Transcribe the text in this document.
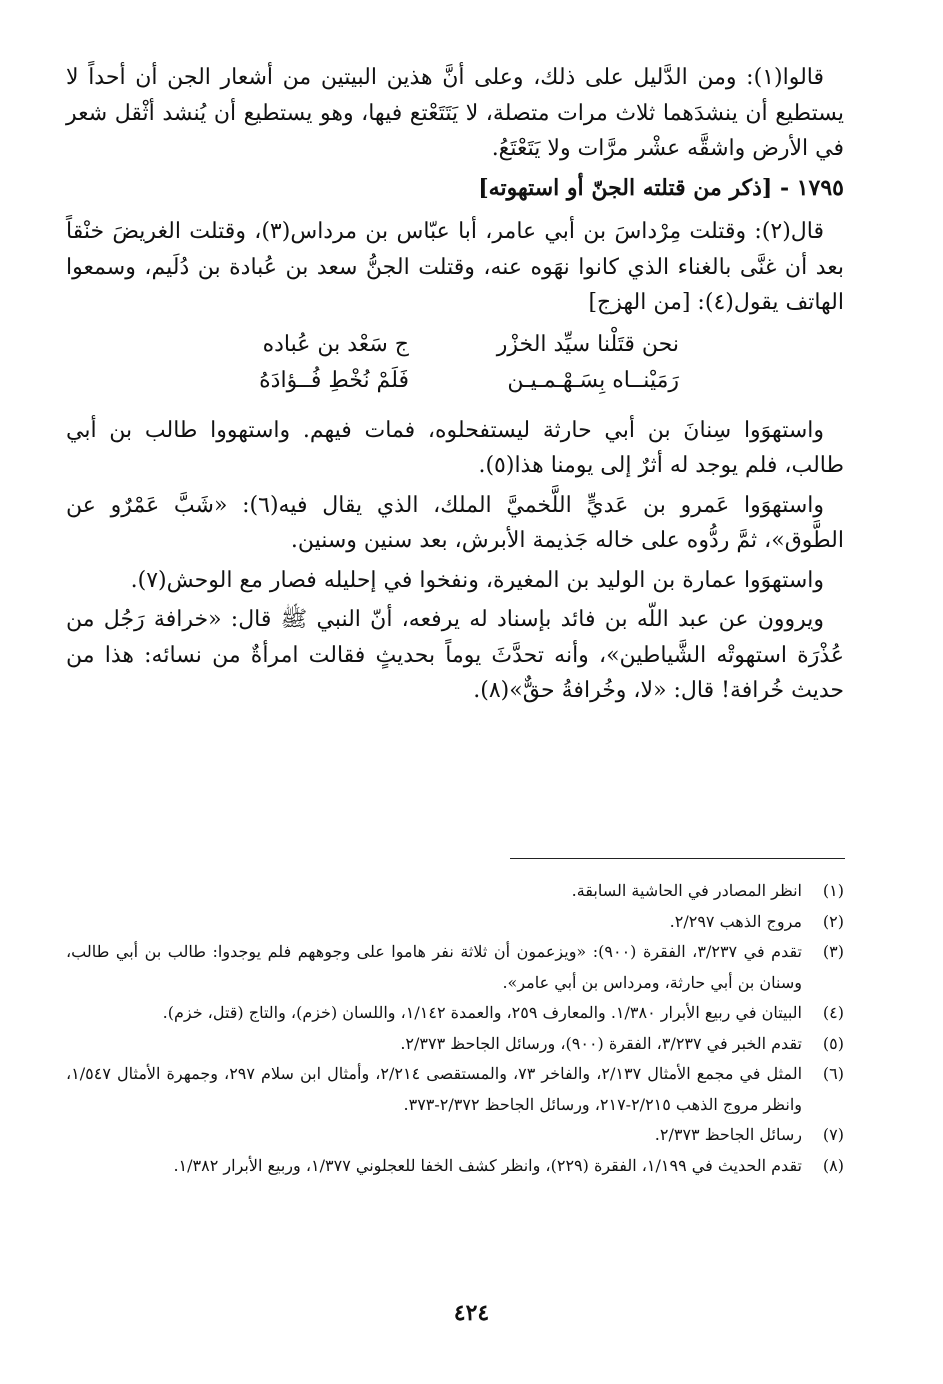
قالوا(١): ومن الدَّليل على ذلك، وعلى أنَّ هذين البيتين من أشعار الجن أن أحداً لا يستطيع أن ينشدَهما ثلاث مرات متصلة، لا يَتَتَعْتع فيها، وهو يستطيع أن يُنشد أثْقل شعر في الأرض واشقَّه عشْر مرَّات ولا يَتَعْتَعُ.

١٧٩٥ - [ذكر من قتلته الجنّ أو استهوته]

قال(٢): وقتلت مِرْداسَ بن أبي عامر، أبا عبّاس بن مرداس(٣)، وقتلت الغريضَ خنْقاً بعد أن غنَّى بالغناء الذي كانوا نهَوه عنه، وقتلت الجنُّ سعد بن عُبادة بن دُلَيم، وسمعوا الهاتف يقول(٤): [من الهزج]

نحن قتَلْنا سيِّد الخزْر
ج سَعْد بن عُباده
رَمَيْنــاه بِسَـهْـمـيـن
فَلَمْ نُخْطِ فُــؤادَهُ

واستهوَوا سِنانَ بن أبي حارثة ليستفحلوه، فمات فيهم. واستهووا طالب بن أبي طالب، فلم يوجد له أثرٌ إلى يومنا هذا(٥).

واستهوَوا عَمرو بن عَديٍّ اللَّخميَّ الملك، الذي يقال فيه(٦): «شَبَّ عَمْرٌو عن الطَّوق»، ثمَّ ردُّوه على خاله جَذيمة الأبرش، بعد سنين وسنين.

واستهوَوا عمارة بن الوليد بن المغيرة، ونفخوا في إحليله فصار مع الوحش(٧).

ويروون عن عبد اللّه بن فائد بإسناد له يرفعه، أنّ النبي ﷺ قال: «خرافة رَجُل من عُذْرَة استهوتْه الشَّياطين»، وأنه تحدَّثَ يوماً بحديثٍ فقالت امرأةٌ من نسائه: هذا من حديث خُرافة! قال: «لا، وخُرافةُ حقٌّ»(٨).

(١)
انظر المصادر في الحاشية السابقة.
(٢)
مروج الذهب ٢/٢٩٧.
(٣)
تقدم في ٣/٢٣٧، الفقرة (٩٠٠): «ويزعمون أن ثلاثة نفر هاموا على وجوههم فلم يوجدوا: طالب بن أبي طالب، وسنان بن أبي حارثة، ومرداس بن أبي عامر».
(٤)
البيتان في ربيع الأبرار ١/٣٨٠. والمعارف ٢٥٩، والعمدة ١/١٤٢، واللسان (خزم)، والتاج (قتل، خزم).
(٥)
تقدم الخبر في ٣/٢٣٧، الفقرة (٩٠٠)، ورسائل الجاحظ ٢/٣٧٣.
(٦)
المثل في مجمع الأمثال ٢/١٣٧، والفاخر ٧٣، والمستقصى ٢/٢١٤، وأمثال ابن سلام ٢٩٧، وجمهرة الأمثال ١/٥٤٧، وانظر مروج الذهب ٢/٢١٥-٢١٧، ورسائل الجاحظ ٢/٣٧٢-٣٧٣.
(٧)
رسائل الجاحظ ٢/٣٧٣.
(٨)
تقدم الحديث في ١/١٩٩، الفقرة (٢٢٩)، وانظر كشف الخفا للعجلوني ١/٣٧٧، وربيع الأبرار ١/٣٨٢.
٤٢٤
